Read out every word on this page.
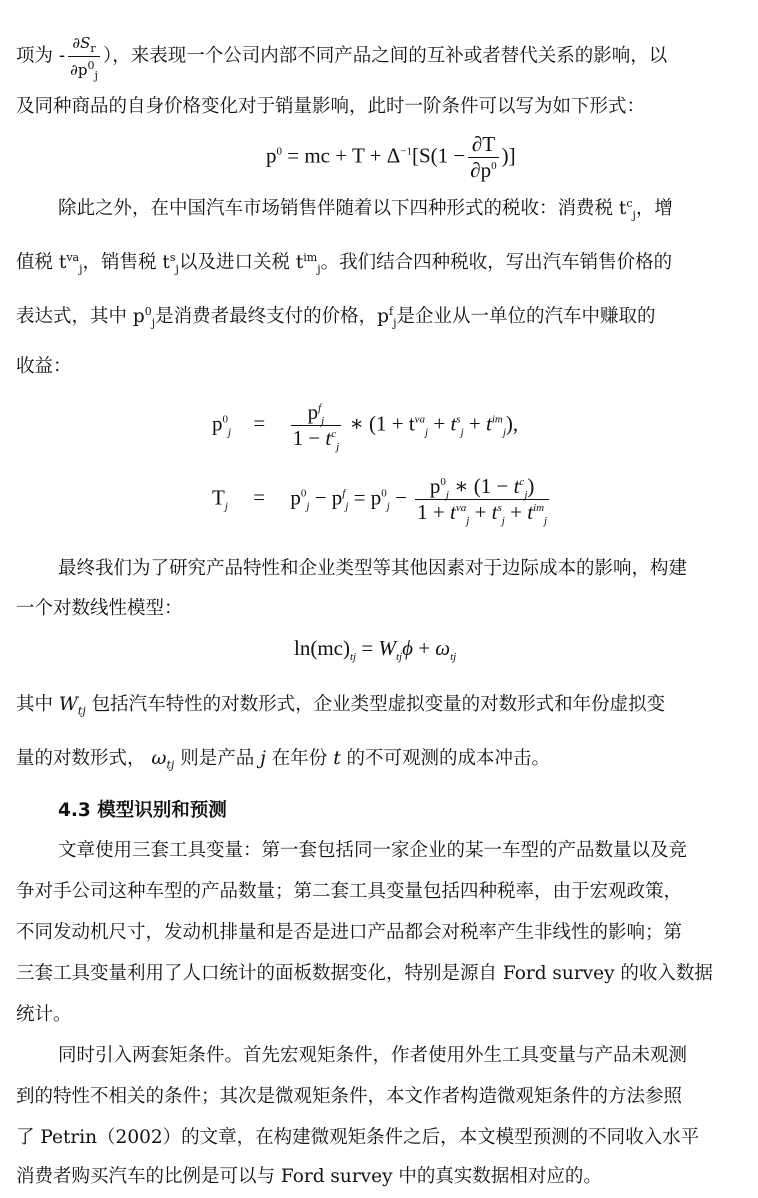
项为 - $\frac{\partial S_r}{\partial p^0_j}$ ），来表现一个公司内部不同产品之间的互补或者替代关系的影响，以
及同种商品的自身价格变化对于销量影响，此时一阶条件可以写为如下形式：
$p^0$ = mc + $T + \Delta^{-1}[S(1 - \frac{\partial T}{\partial p^0}$ )]
除此之外，在中国汽车市场销售伴随着以下四种形式的税收：消费税 $t^c_j$，增
值税 $t^{va}_j$，销售税 $t^s_j$以及进口关税 $t^{im}_j$。我们结合四种税收，写出汽车销售价格的
表达式，其中 $p^0_j$是消费者最终支付的价格，$p^f_j$是企业从一单位的汽车中赚取的
收益：
$p^0_j = \frac{p^f_j}{1 - t^c_j}$ ∗ $(1 + t^{va}_j + t^s_j + t^{im}_j)$,
$T_j = p^0_j - p^f_j = p^0_j - \frac{p^0_j ∗ (1 - t^c_j)}{1 + t^{va}_j + t^s_j + t^{im}_j}$
最终我们为了研究产品特性和企业类型等其他因素对于边际成本的影响，构建
一个对数线性模型：
$\ln(mc)_{tj} = W_{tj}\phi + \omega_{tj}$
其中 $W_{tj}$ 包括汽车特性的对数形式，企业类型虚拟变量的对数形式和年份虚拟变
量的对数形式， $\omega_{tj}$ 则是产品 j 在年份 t 的不可观测的成本冲击。
4.3 模型识别和预测
文章使用三套工具变量：第一套包括同一家企业的某一车型的产品数量以及竞
争对手公司这种车型的产品数量；第二套工具变量包括四种税率，由于宏观政策，
不同发动机尺寸，发动机排量和是否是进口产品都会对税率产生非线性的影响；第
三套工具变量利用了人口统计的面板数据变化，特别是源自 Ford survey 的收入数据
统计。
同时引入两套矩条件。首先宏观矩条件，作者使用外生工具变量与产品未观测
到的特性不相关的条件；其次是微观矩条件，本文作者构造微观矩条件的方法参照
了 Petrin（2002）的文章，在构建微观矩条件之后，本文模型预测的不同收入水平
消费者购买汽车的比例是可以与 Ford survey 中的真实数据相对应的。
